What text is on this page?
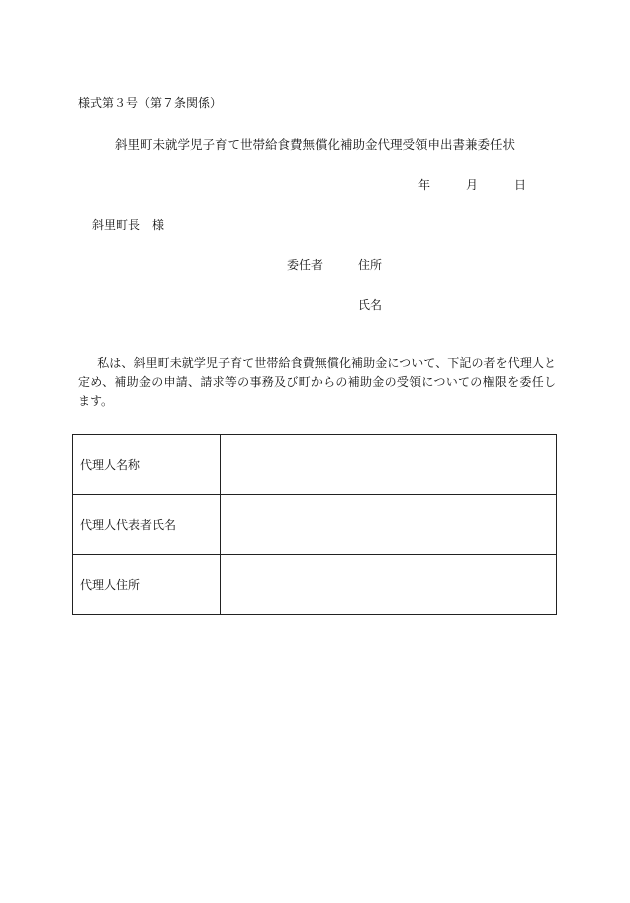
様式第３号（第７条関係）
斜里町未就学児子育て世帯給食費無償化補助金代理受領申出書兼委任状
年	月	日
斜里町長　様
委任者	住所
氏名
私は、斜里町未就学児子育て世帯給食費無償化補助金について、下記の者を代理人と定め、補助金の申請、請求等の事務及び町からの補助金の受領についての権限を委任します。
代理人名称	
代理人代表者氏名	
代理人住所	
